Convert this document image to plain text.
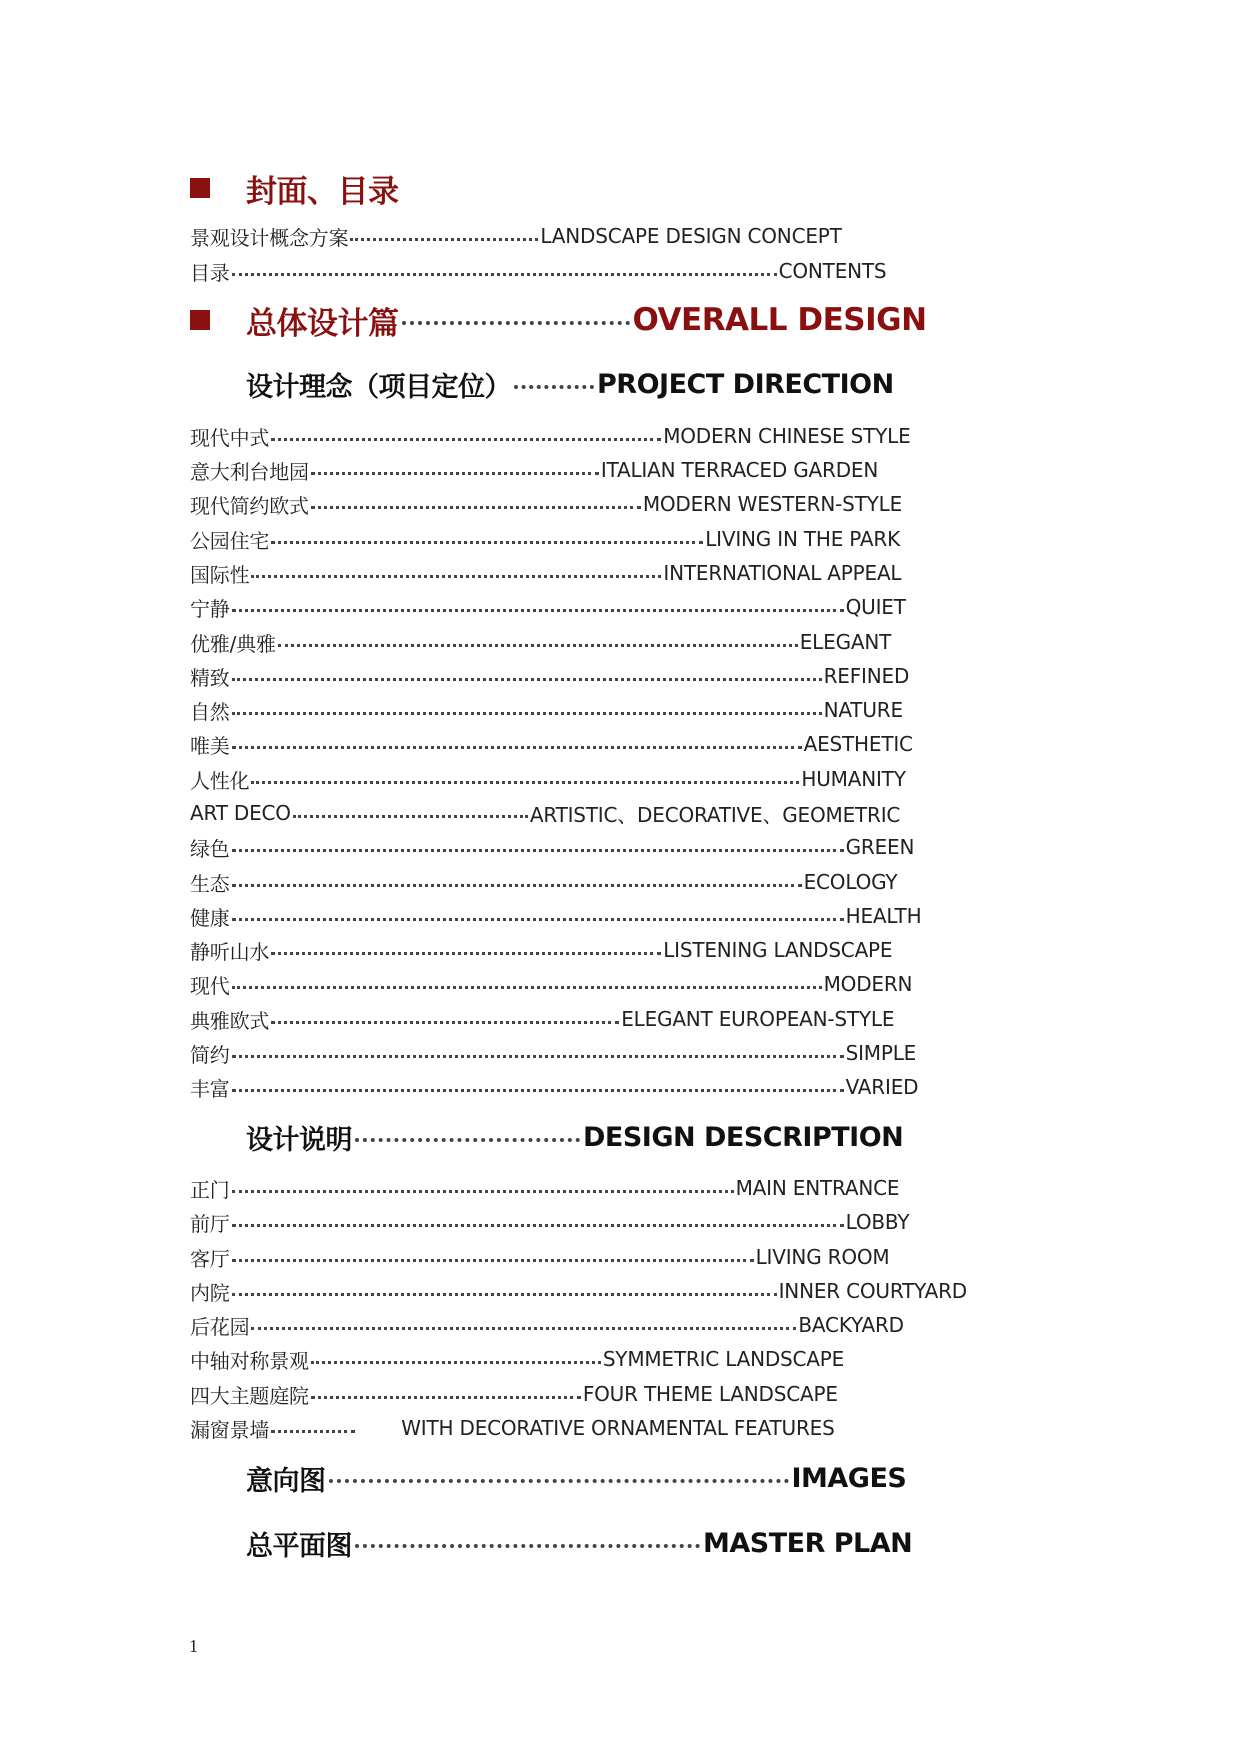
封面、目录
景观设计概念方案	LANDSCAPE DESIGN CONCEPT
目录	CONTENTS
总体设计篇	OVERALL DESIGN
设计理念（项目定位）	PROJECT DIRECTION
现代中式	MODERN CHINESE STYLE
意大利台地园	ITALIAN TERRACED GARDEN
现代简约欧式	MODERN WESTERN-STYLE
公园住宅	LIVING IN THE PARK
国际性	INTERNATIONAL APPEAL
宁静	QUIET
优雅/典雅	ELEGANT
精致	REFINED
自然	NATURE
唯美	AESTHETIC
人性化	HUMANITY
ART DECO	ARTISTIC、DECORATIVE、GEOMETRIC
绿色	GREEN
生态	ECOLOGY
健康	HEALTH
静听山水	LISTENING LANDSCAPE
现代	MODERN
典雅欧式	ELEGANT EUROPEAN-STYLE
简约	SIMPLE
丰富	VARIED
设计说明	DESIGN DESCRIPTION
正门	MAIN ENTRANCE
前厅	LOBBY
客厅	LIVING ROOM
内院	INNER COURTYARD
后花园	BACKYARD
中轴对称景观	SYMMETRIC LANDSCAPE
四大主题庭院	FOUR THEME LANDSCAPE
漏窗景墙	WITH DECORATIVE ORNAMENTAL FEATURES
意向图	IMAGES
总平面图	MASTER PLAN
1
